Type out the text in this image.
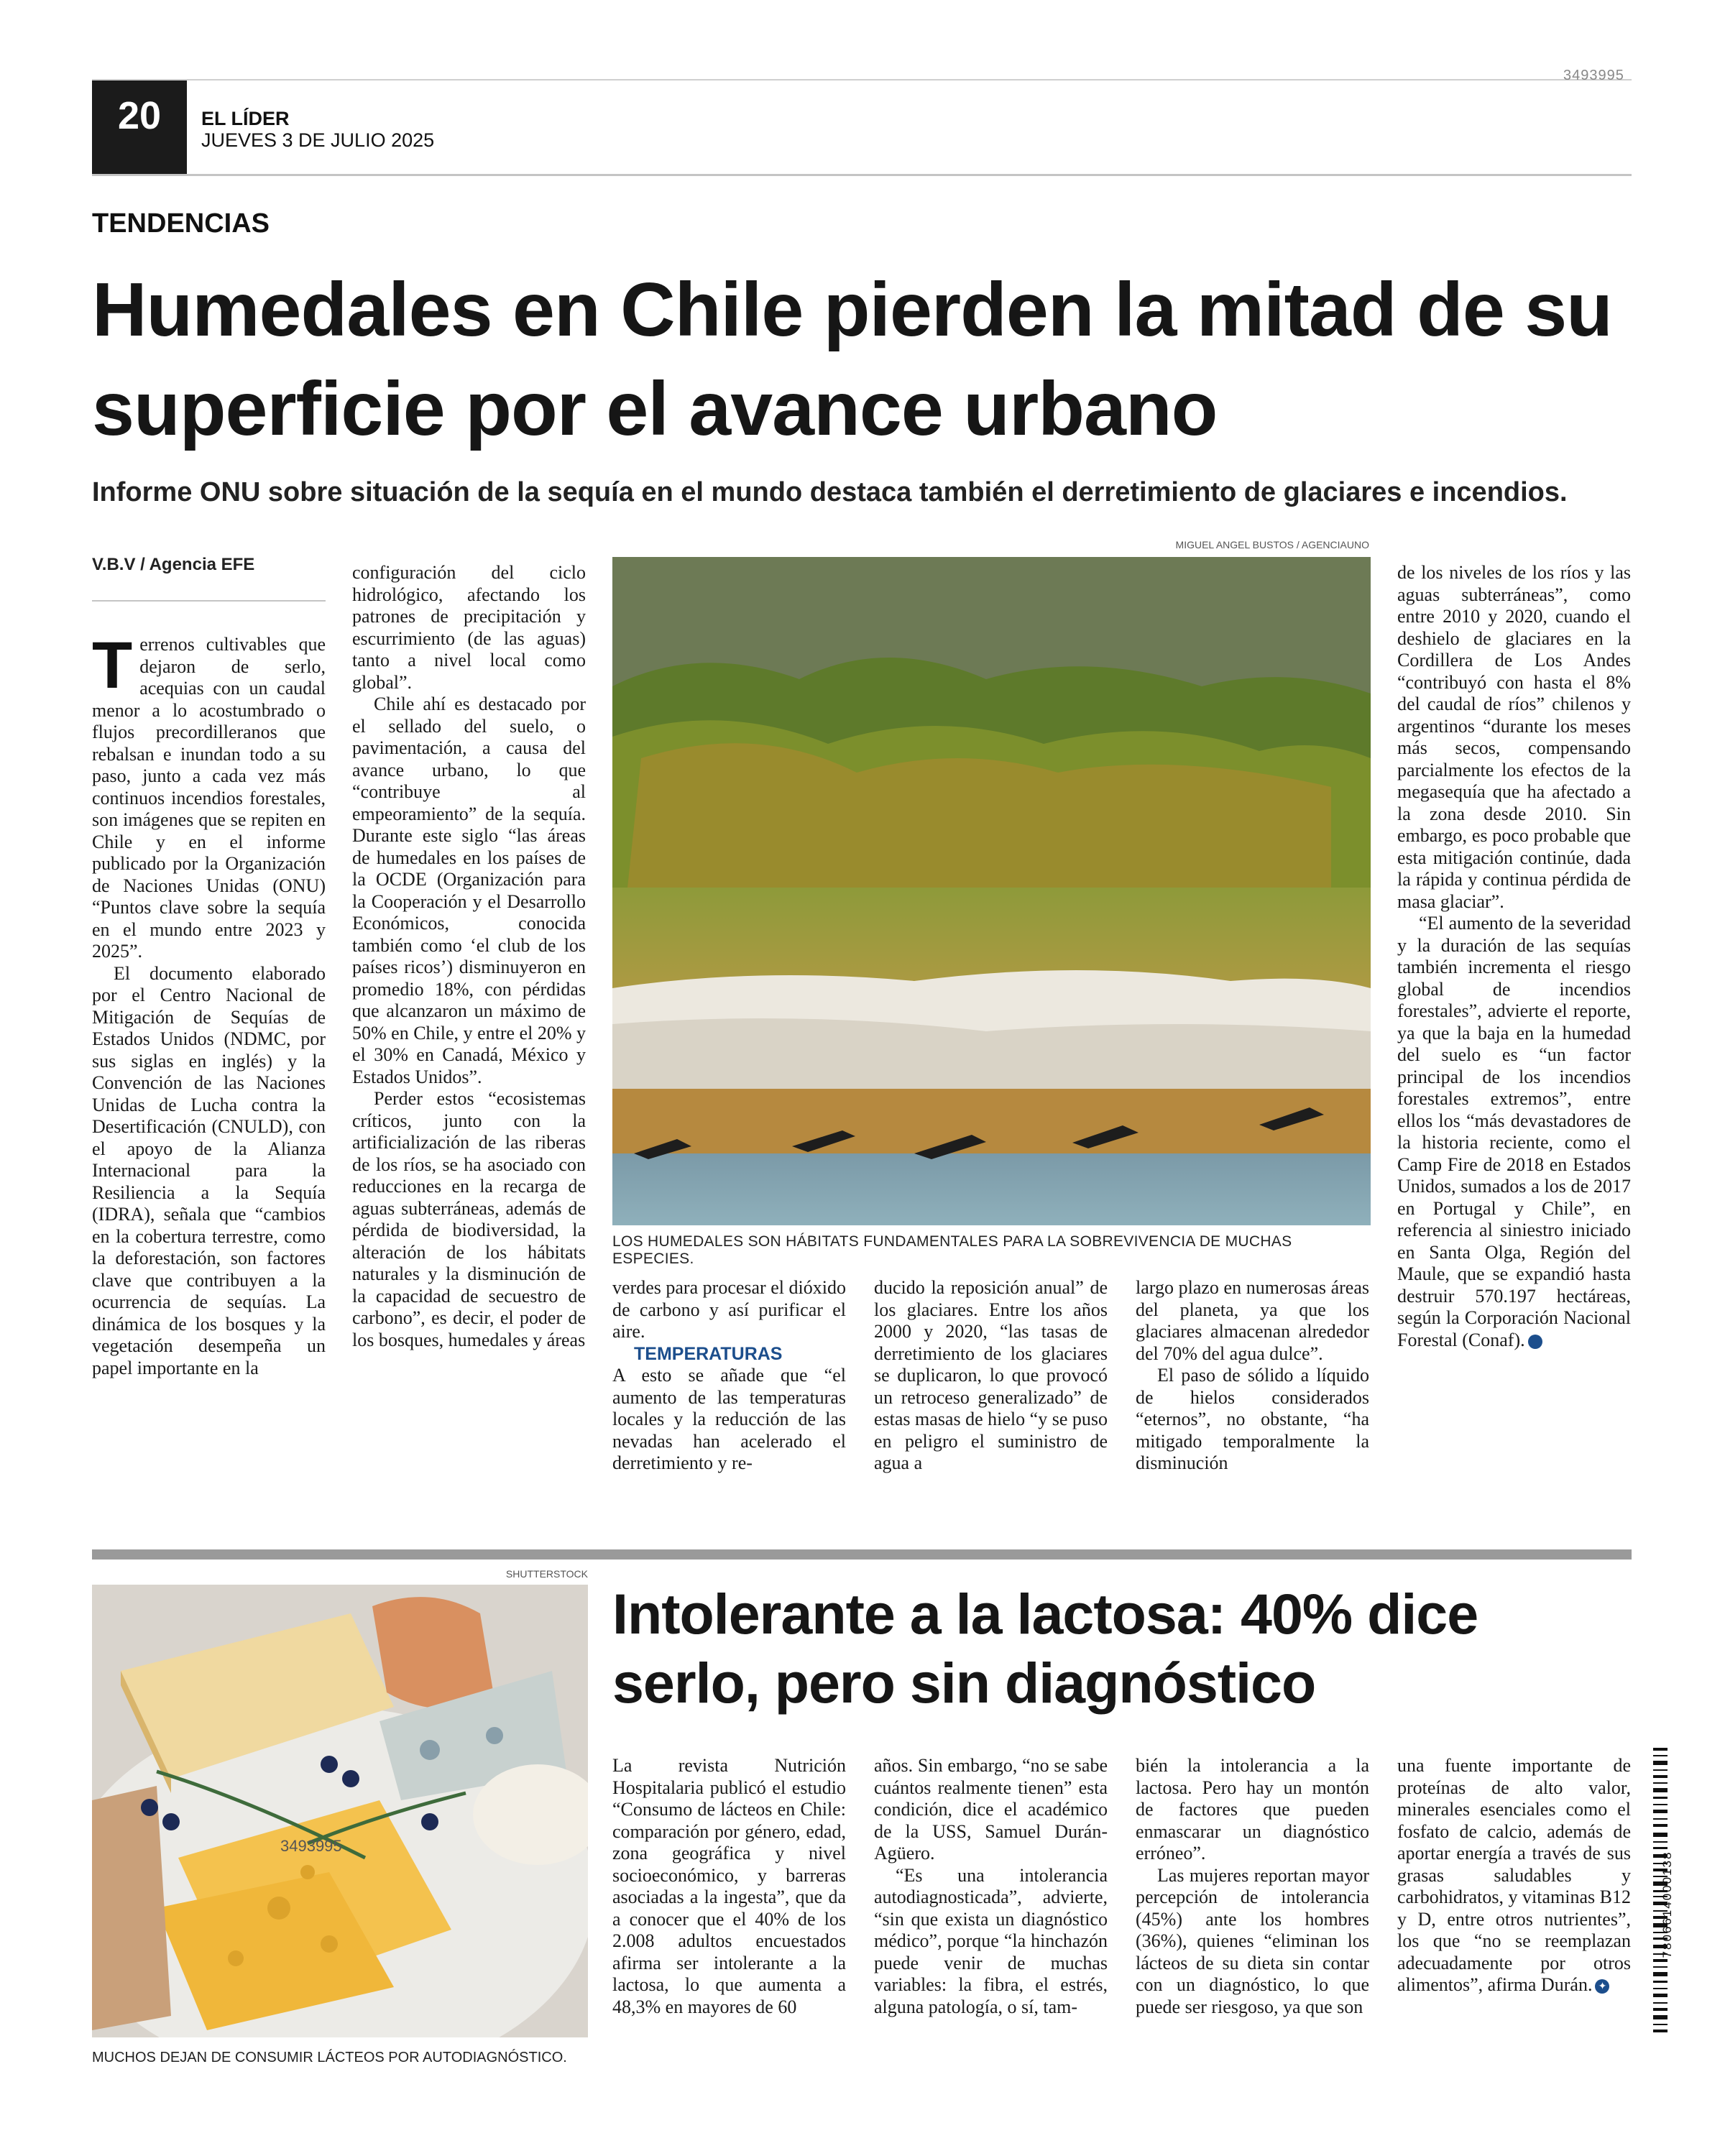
20	EL LÍDER
JUEVES 3 DE JULIO 2025
3493995
TENDENCIAS
Humedales en Chile pierden la mitad de su superficie por el avance urbano
Informe ONU sobre situación de la sequía en el mundo destaca también el derretimiento de glaciares e incendios.
V.B.V / Agencia EFE

Terrenos cultivables que dejaron de serlo, acequias con un caudal menor a lo acostumbrado o flujos precordilleranos que rebalsan e inundan todo a su paso, junto a cada vez más continuos incendios forestales, son imágenes que se repiten en Chile y en el informe publicado por la Organización de Naciones Unidas (ONU) “Puntos clave sobre la sequía en el mundo entre 2023 y 2025”.

El documento elaborado por el Centro Nacional de Mitigación de Sequías de Estados Unidos (NDMC, por sus siglas en inglés) y la Convención de las Naciones Unidas de Lucha contra la Desertificación (CNULD), con el apoyo de la Alianza Internacional para la Resiliencia a la Sequía (IDRA), señala que “cambios en la cobertura terrestre, como la deforestación, son factores clave que contribuyen a la ocurrencia de sequías. La dinámica de los bosques y la vegetación desempeña un papel importante en la

configuración del ciclo hidrológico, afectando los patrones de precipitación y escurrimiento (de las aguas) tanto a nivel local como global”.

Chile ahí es destacado por el sellado del suelo, o pavimentación, a causa del avance urbano, lo que “contribuye al empeoramiento” de la sequía. Durante este siglo “las áreas de humedales en los países de la OCDE (Organización para la Cooperación y el Desarrollo Económicos, conocida también como ‘el club de los países ricos’) disminuyeron en promedio 18%, con pérdidas que alcanzaron un máximo de 50% en Chile, y entre el 20% y el 30% en Canadá, México y Estados Unidos”.

Perder estos “ecosistemas críticos, junto con la artificialización de las riberas de los ríos, se ha asociado con reducciones en la recarga de aguas subterráneas, además de pérdida de biodiversidad, la alteración de los hábitats naturales y la disminución de la capacidad de secuestro de carbono”, es decir, el poder de los bosques, humedales y áreas

MIGUEL ANGEL BUSTOS / AGENCIAUNO
LOS HUMEDALES SON HÁBITATS FUNDAMENTALES PARA LA SOBREVIVENCIA DE MUCHAS ESPECIES.

verdes para procesar el dióxido de carbono y así purificar el aire.

TEMPERATURAS

A esto se añade que “el aumento de las temperaturas locales y la reducción de las nevadas han acelerado el derretimiento y re-

ducido la reposición anual” de los glaciares. Entre los años 2000 y 2020, “las tasas de derretimiento de los glaciares se duplicaron, lo que provocó un retroceso generalizado” de estas masas de hielo “y se puso en peligro el suministro de agua a

largo plazo en numerosas áreas del planeta, ya que los glaciares almacenan alrededor del 70% del agua dulce”.

El paso de sólido a líquido de hielos considerados “eternos”, no obstante, “ha mitigado temporalmente la disminución

de los niveles de los ríos y las aguas subterráneas”, como entre 2010 y 2020, cuando el deshielo de glaciares en la Cordillera de Los Andes “contribuyó con hasta el 8% del caudal de ríos” chilenos y argentinos “durante los meses más secos, compensando parcialmente los efectos de la megasequía que ha afectado a la zona desde 2010. Sin embargo, es poco probable que esta mitigación continúe, dada la rápida y continua pérdida de masa glaciar”.

“El aumento de la severidad y la duración de las sequías también incrementa el riesgo global de incendios forestales”, advierte el reporte, ya que la baja en la humedad del suelo es “un factor principal de los incendios forestales extremos”, entre ellos los “más devastadores de la historia reciente, como el Camp Fire de 2018 en Estados Unidos, sumados a los de 2017 en Portugal y Chile”, en referencia al siniestro iniciado en Santa Olga, Región del Maule, que se expandió hasta destruir 570.197 hectáreas, según la Corporación Nacional Forestal (Conaf). ✦

SHUTTERSTOCK
3493995
MUCHOS DEJAN DE CONSUMIR LÁCTEOS POR AUTODIAGNÓSTICO.
Intolerante a la lactosa: 40% dice serlo, pero sin diagnóstico

La revista Nutrición Hospitalaria publicó el estudio “Consumo de lácteos en Chile: comparación por género, edad, zona geográfica y nivel socioeconómico, y barreras asociadas a la ingesta”, que da a conocer que el 40% de los 2.008 adultos encuestados afirma ser intolerante a la lactosa, lo que aumenta a 48,3% en mayores de 60

años. Sin embargo, “no se sabe cuántos realmente tienen” esta condición, dice el académico de la USS, Samuel Durán-Agüero.

“Es una intolerancia autodiagnosticada”, advierte, “sin que exista un diagnóstico médico”, porque “la hinchazón puede venir de muchas variables: la fibra, el estrés, alguna patología, o sí, tam-

bién la intolerancia a la lactosa. Pero hay un montón de factores que pueden enmascarar un diagnóstico erróneo”.

Las mujeres reportan mayor percepción de intolerancia (45%) ante los hombres (36%), quienes “eliminan los lácteos de su dieta sin contar con un diagnóstico, lo que puede ser riesgoso, ya que son

una fuente importante de proteínas de alto valor, minerales esenciales como el fosfato de calcio, además de aportar energía a través de sus grasas saludables y carbohidratos, y vitaminas B12 y D, entre otros nutrientes”, los que “no se reemplazan adecuadamente por otros alimentos”, afirma Durán. ✦

7806614000138
